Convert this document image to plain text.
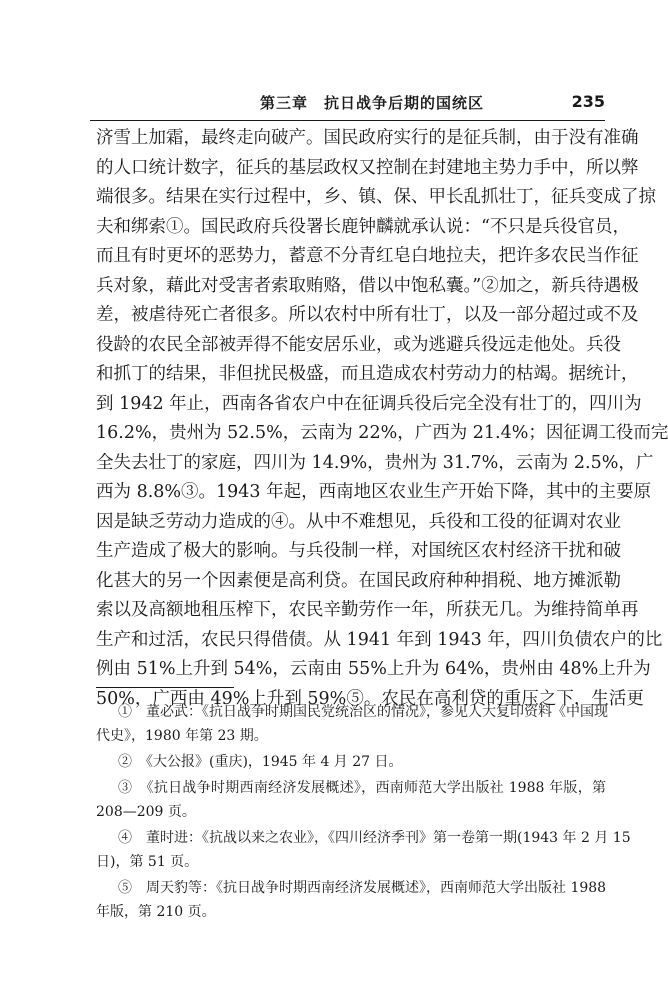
第三章　抗日战争后期的国统区	235
济雪上加霜，最终走向破产。国民政府实行的是征兵制，由于没有准确
的人口统计数字，征兵的基层政权又控制在封建地主势力手中，所以弊
端很多。结果在实行过程中，乡、镇、保、甲长乱抓壮丁，征兵变成了掠
夫和绑索①。国民政府兵役署长鹿钟麟就承认说：“不只是兵役官员，
而且有时更坏的恶势力，蓄意不分青红皂白地拉夫，把许多农民当作征
兵对象，藉此对受害者索取贿赂，借以中饱私囊。”②加之，新兵待遇极
差，被虐待死亡者很多。所以农村中所有壮丁，以及一部分超过或不及
役龄的农民全部被弄得不能安居乐业，或为逃避兵役远走他处。兵役
和抓丁的结果，非但扰民极盛，而且造成农村劳动力的枯竭。据统计，
到 1942 年止，西南各省农户中在征调兵役后完全没有壮丁的，四川为
16.2%，贵州为 52.5%，云南为 22%，广西为 21.4%；因征调工役而完
全失去壮丁的家庭，四川为 14.9%，贵州为 31.7%，云南为 2.5%，广
西为 8.8%③。1943 年起，西南地区农业生产开始下降，其中的主要原
因是缺乏劳动力造成的④。从中不难想见，兵役和工役的征调对农业
生产造成了极大的影响。与兵役制一样，对国统区农村经济干扰和破
化甚大的另一个因素便是高利贷。在国民政府种种捐税、地方摊派勒
索以及高额地租压榨下，农民辛勤劳作一年，所获无几。为维持简单再
生产和过活，农民只得借债。从 1941 年到 1943 年，四川负债农户的比
例由 51%上升到 54%，云南由 55%上升为 64%，贵州由 48%上升为
50%，广西由 49%上升到 59%⑤。农民在高利贷的重压之下，生活更
①　董必武：《抗日战争时期国民党统治区的情况》，参见人大复印资料《中国现
代史》，1980 年第 23 期。
②　《大公报》(重庆)，1945 年 4 月 27 日。
③　《抗日战争时期西南经济发展概述》，西南师范大学出版社 1988 年版，第
208—209 页。
④　董时进：《抗战以来之农业》，《四川经济季刊》第一卷第一期(1943 年 2 月 15
日)，第 51 页。
⑤　周天豹等：《抗日战争时期西南经济发展概述》，西南师范大学出版社 1988
年版，第 210 页。
